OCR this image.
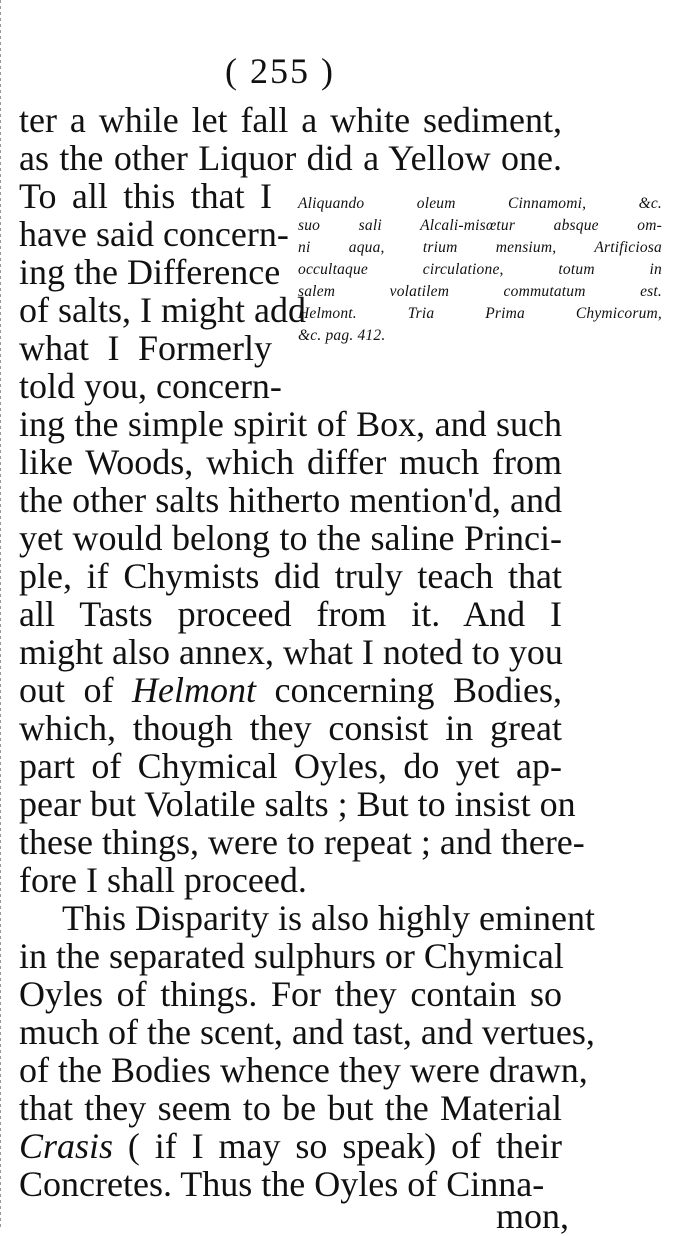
( 255 )
ter a while let fall a white sediment,
as the other Liquor did a Yellow one.
To all this that I
have said concern-
ing the Difference
of salts, I might add
what I Formerly
told you, concern-
Aliquando oleum Cinnamomi, &c.
suo sali Alcali-misœtur absque om-
ni aqua, trium mensium, Artificiosa
occultaque circulatione, totum in
salem volatilem commutatum est.
Helmont. Tria Prima Chymicorum,
&c. pag. 412.
ing the simple spirit of Box, and such
like Woods, which differ much from
the other salts hitherto mention'd, and
yet would belong to the saline Princi-
ple, if Chymists did truly teach that
all Tasts proceed from it. And I
might also annex, what I noted to you
out of Helmont concerning Bodies,
which, though they consist in great
part of Chymical Oyles, do yet ap-
pear but Volatile salts ; But to insist on
these things, were to repeat ; and there-
fore I shall proceed.
This Disparity is also highly eminent
in the separated sulphurs or Chymical
Oyles of things. For they contain so
much of the scent, and tast, and vertues,
of the Bodies whence they were drawn,
that they seem to be but the Material
Crasis ( if I may so speak) of their
Concretes. Thus the Oyles of Cinna-
mon,
